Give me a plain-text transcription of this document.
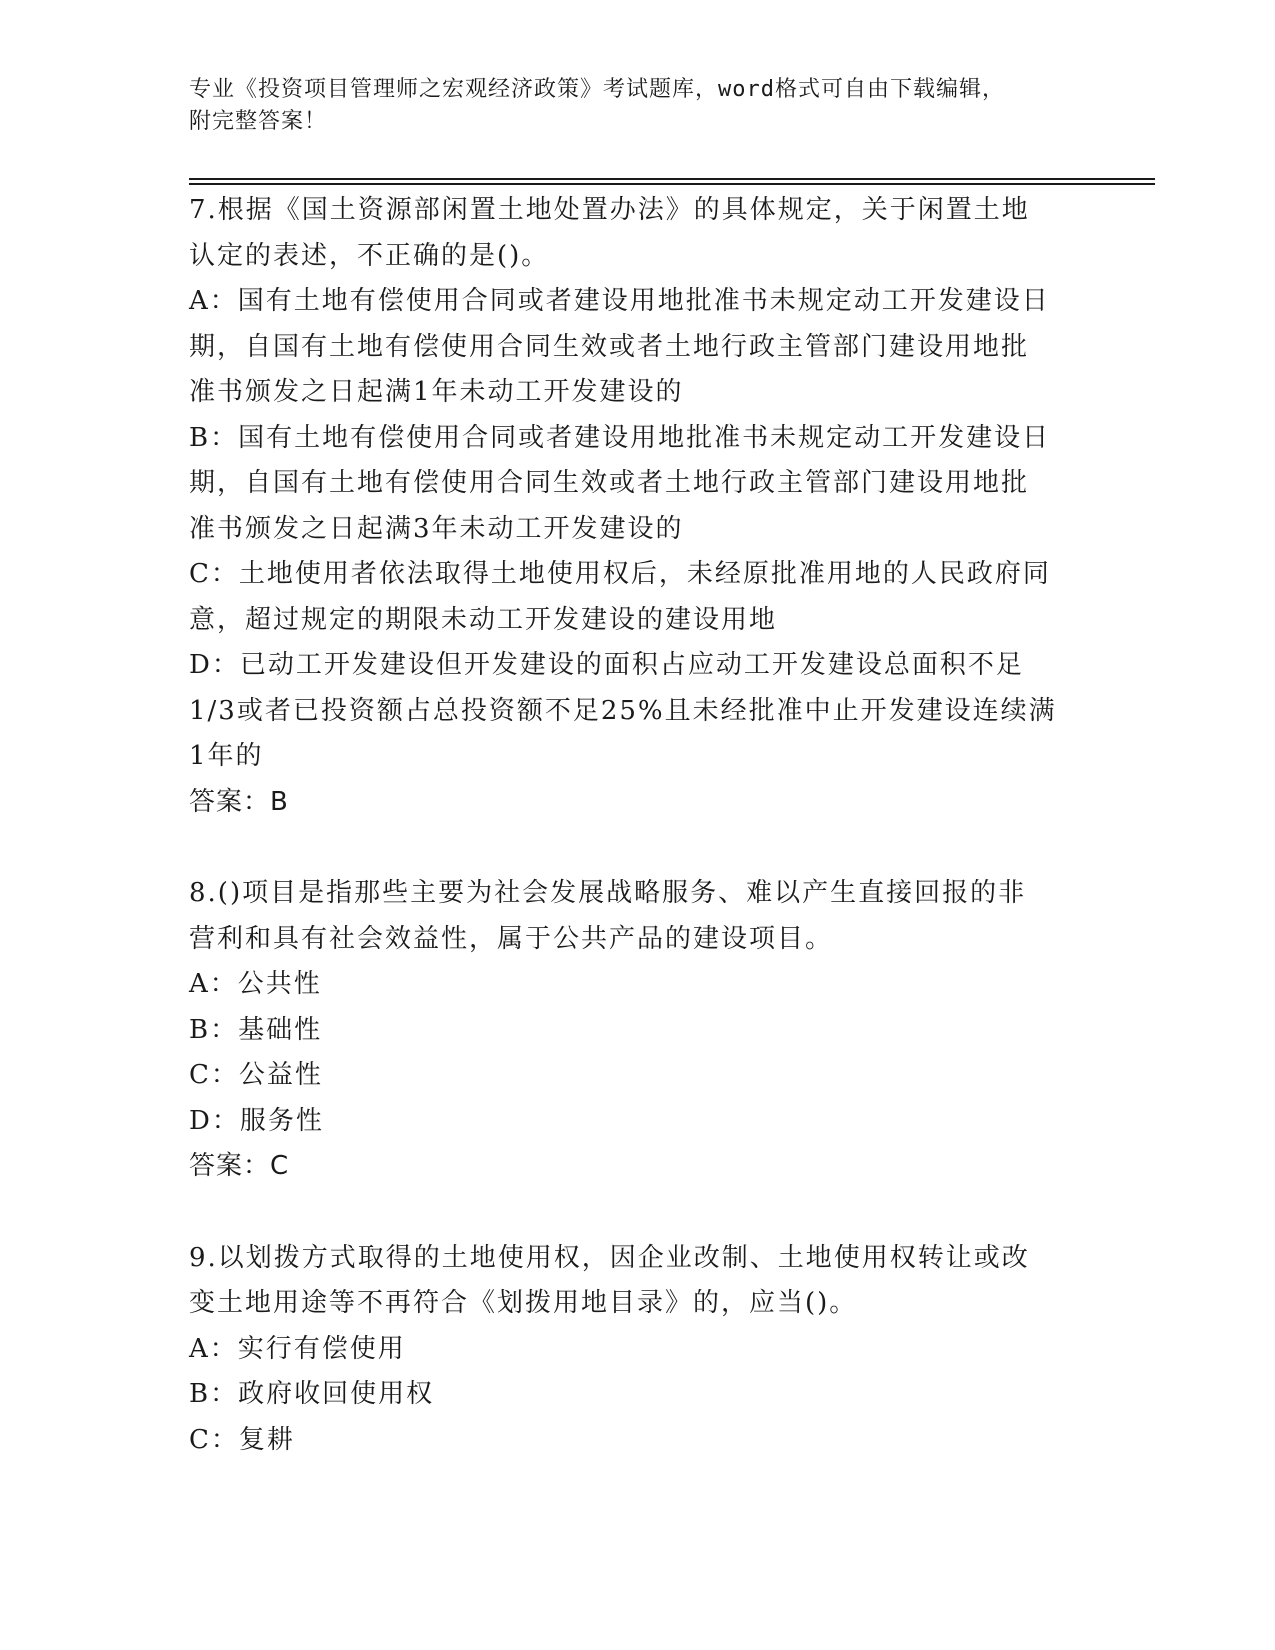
专业《投资项目管理师之宏观经济政策》考试题库，word格式可自由下载编辑，
附完整答案！
7.根据《国土资源部闲置土地处置办法》的具体规定，关于闲置土地
认定的表述，不正确的是()。
A：国有土地有偿使用合同或者建设用地批准书未规定动工开发建设日
期，自国有土地有偿使用合同生效或者土地行政主管部门建设用地批
准书颁发之日起满1年未动工开发建设的
B：国有土地有偿使用合同或者建设用地批准书未规定动工开发建设日
期，自国有土地有偿使用合同生效或者土地行政主管部门建设用地批
准书颁发之日起满3年未动工开发建设的
C：土地使用者依法取得土地使用权后，未经原批准用地的人民政府同
意，超过规定的期限未动工开发建设的建设用地
D：已动工开发建设但开发建设的面积占应动工开发建设总面积不足
1/3或者已投资额占总投资额不足25%且未经批准中止开发建设连续满
1年的
答案：B
8.()项目是指那些主要为社会发展战略服务、难以产生直接回报的非
营利和具有社会效益性，属于公共产品的建设项目。
A：公共性
B：基础性
C：公益性
D：服务性
答案：C
9.以划拨方式取得的土地使用权，因企业改制、土地使用权转让或改
变土地用途等不再符合《划拨用地目录》的，应当()。
A：实行有偿使用
B：政府收回使用权
C：复耕
